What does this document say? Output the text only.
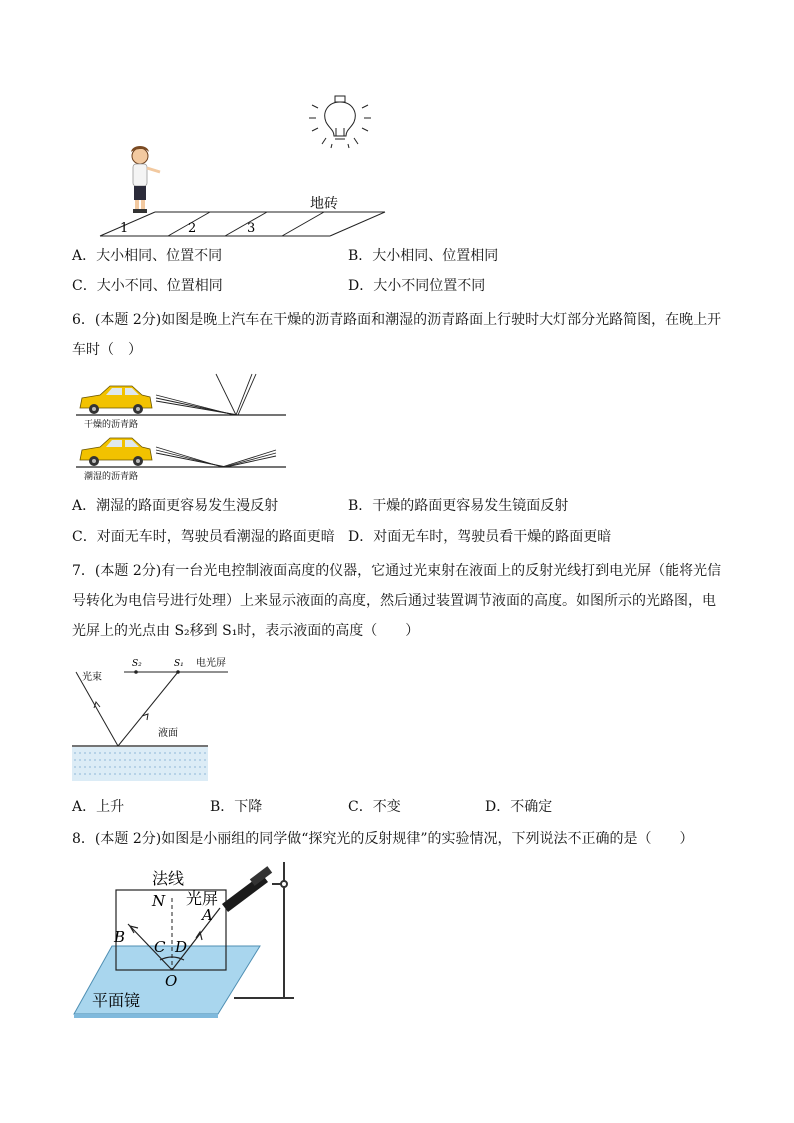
1	2	3
地砖
A．大小相同、位置不同	B．大小相同、位置相同
C．大小不同、位置相同	D．大小不同位置不同
6．(本题 2分)如图是晚上汽车在干燥的沥青路面和潮湿的沥青路面上行驶时大灯部分光路简图，在晚上开车时（　）
干燥的沥青路
潮湿的沥青路
A．潮湿的路面更容易发生漫反射	B．干燥的路面更容易发生镜面反射
C．对面无车时，驾驶员看潮湿的路面更暗 D．对面无车时，驾驶员看干燥的路面更暗
7．(本题 2分)有一台光电控制液面高度的仪器，它通过光束射在液面上的反射光线打到电光屏（能将光信号转化为电信号进行处理）上来显示液面的高度，然后通过装置调节液面的高度。如图所示的光路图，电光屏上的光点由 S₂移到 S₁时，表示液面的高度（　　）
S₂	S₁ 电光屏
光束
液面
A．上升	B．下降	C．不变	D．不确定
8．(本题 2分)如图是小丽组的同学做“探究光的反射规律”的实验情况，下列说法不正确的是（　　）
法线
光屏
N
A
B
C D
O
平面镜
